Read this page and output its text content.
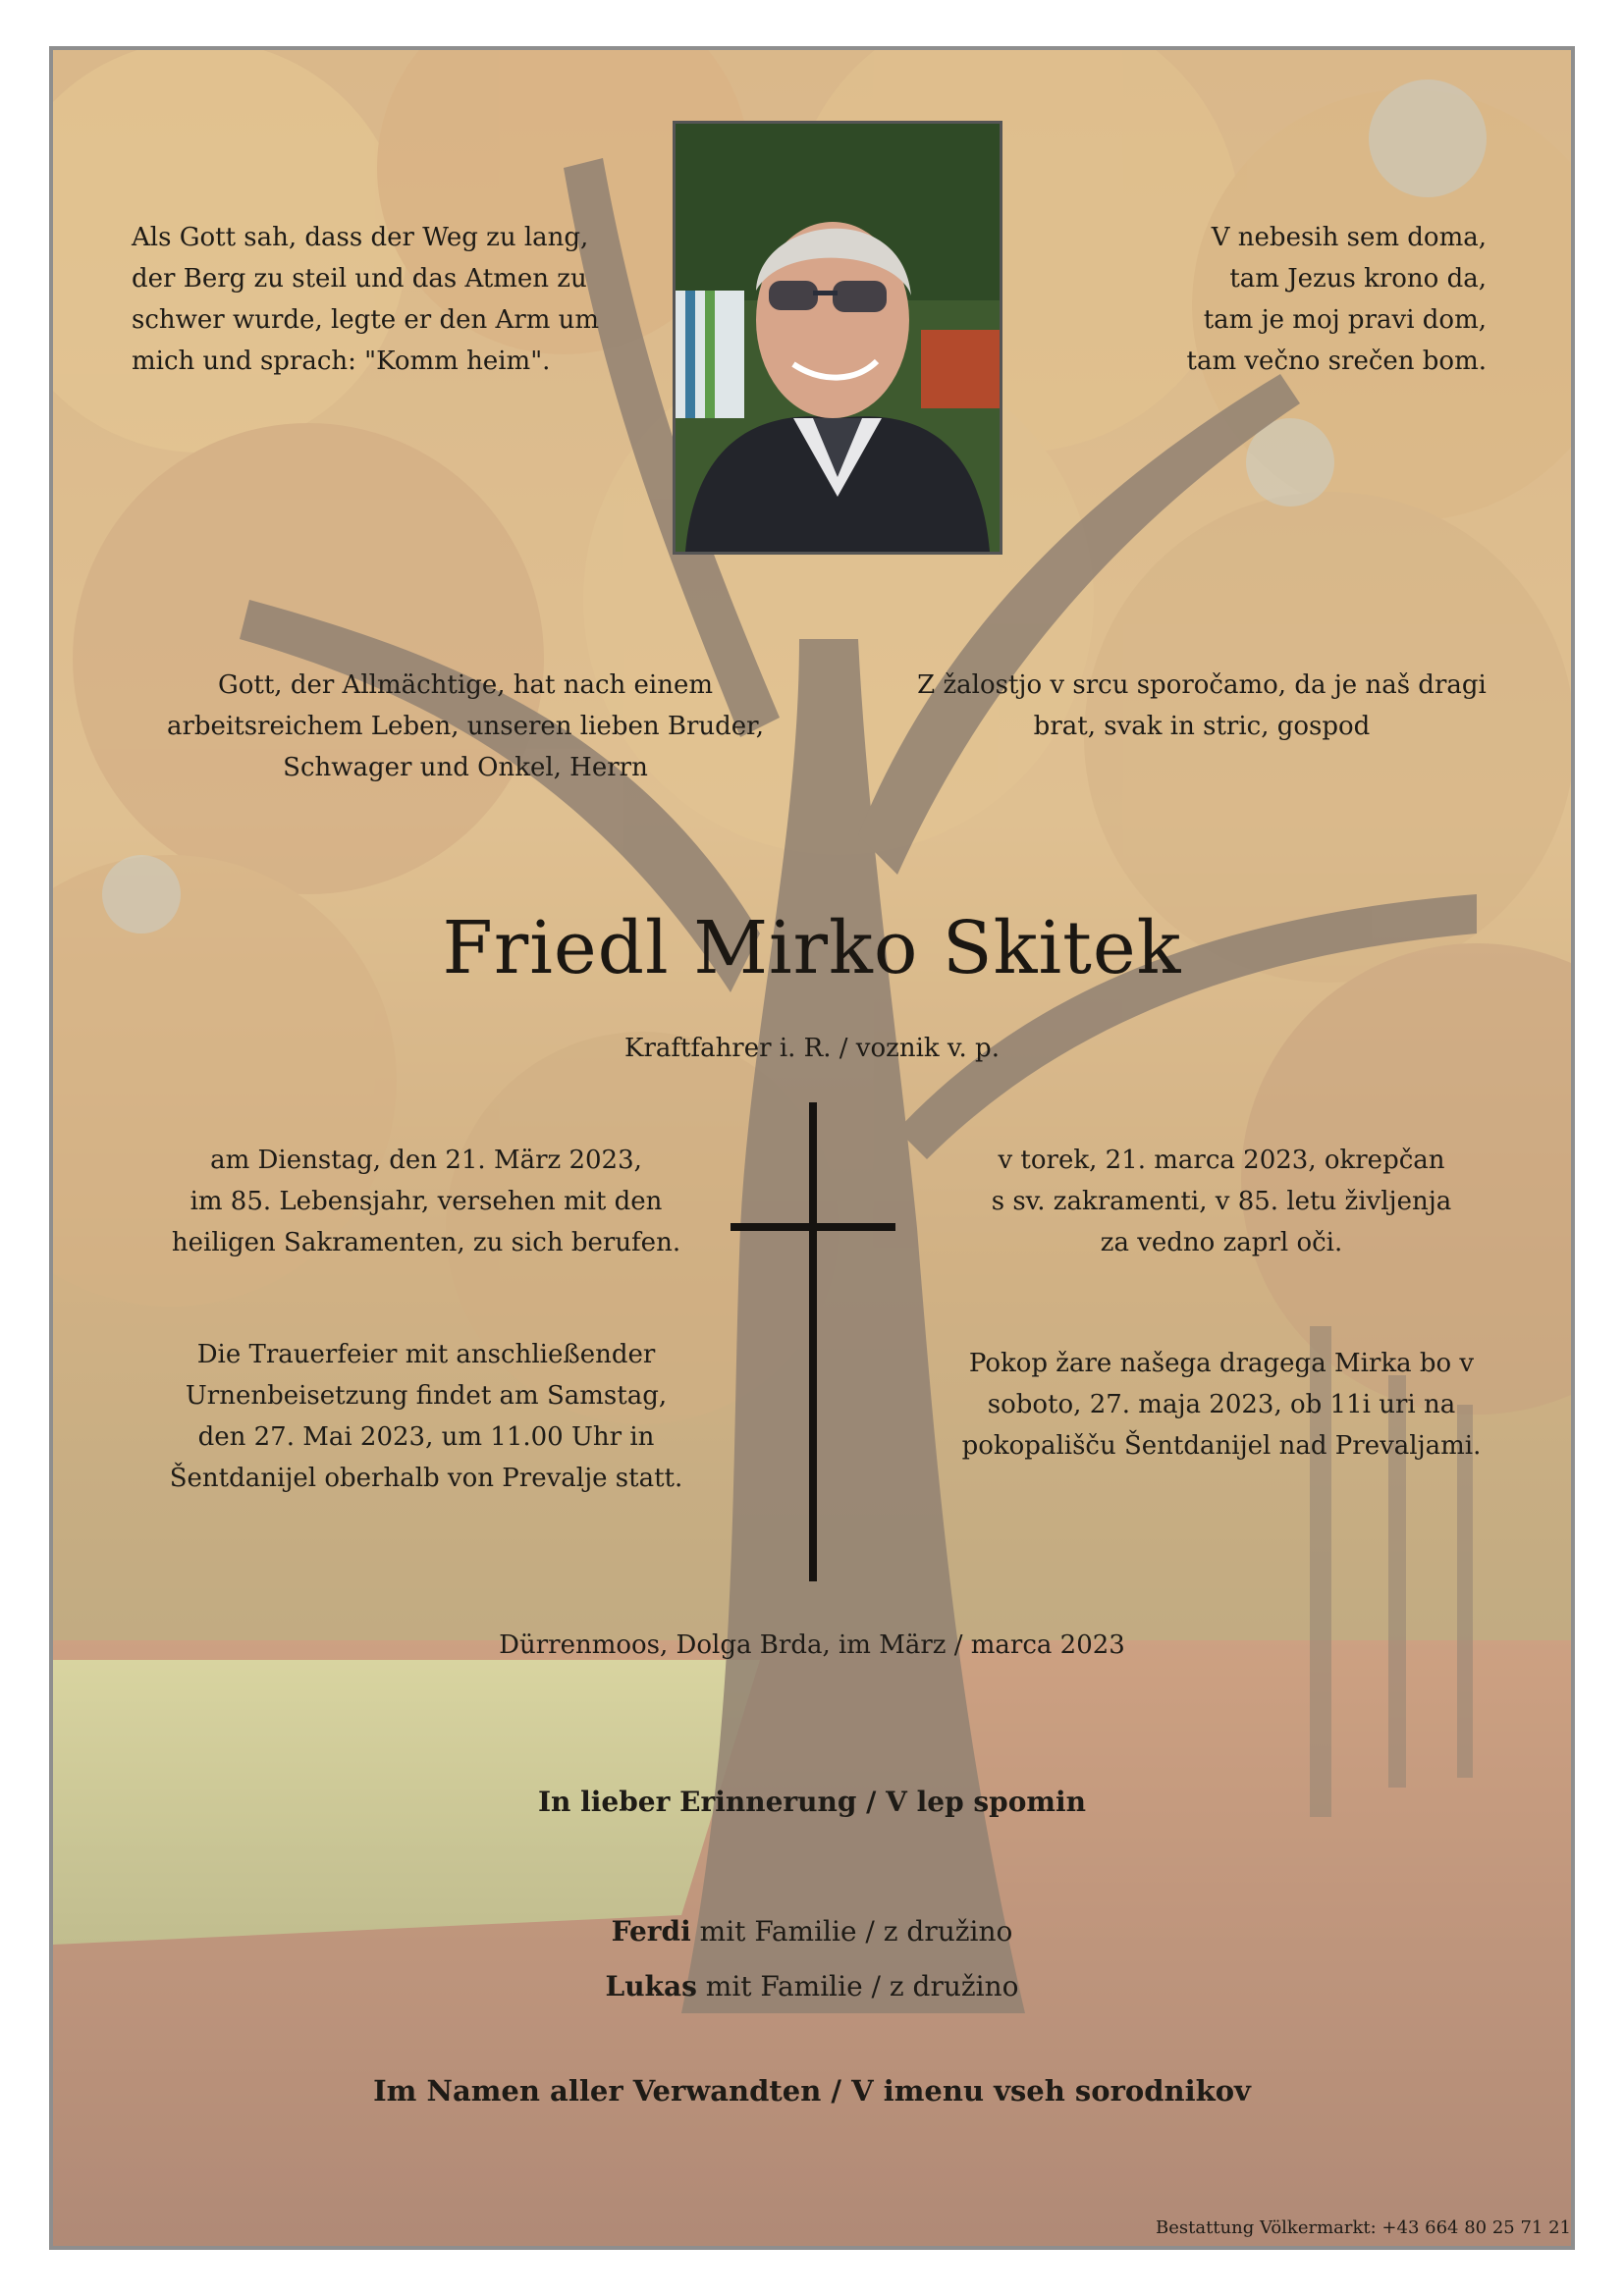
Als Gott sah, dass der Weg zu lang,
der Berg zu steil und das Atmen zu
schwer wurde, legte er den Arm um
mich und sprach: "Komm heim".
V nebesih sem doma,
tam Jezus krono da,
tam je moj pravi dom,
tam večno srečen bom.
Gott, der Allmächtige, hat nach einem
arbeitsreichem Leben, unseren lieben Bruder,
Schwager und Onkel, Herrn
Z žalostjo v srcu sporočamo, da je naš dragi
brat, svak in stric, gospod
Friedl Mirko Skitek
Kraftfahrer i. R. / voznik v. p.
am Dienstag, den 21. März 2023,
im 85. Lebensjahr, versehen mit den
heiligen Sakramenten, zu sich berufen.
v torek, 21. marca 2023, okrepčan
s sv. zakramenti, v 85. letu življenja
za vedno zaprl oči.
Die Trauerfeier mit anschließender
Urnenbeisetzung findet am Samstag,
den 27. Mai 2023, um 11.00 Uhr in
Šentdanijel oberhalb von Prevalje statt.
Pokop žare našega dragega Mirka bo v
soboto, 27. maja 2023, ob 11i uri na
pokopališču Šentdanijel nad Prevaljami.
Dürrenmoos, Dolga Brda, im März / marca 2023
In lieber Erinnerung / V lep spomin
Ferdi mit Familie / z družino
Lukas mit Familie / z družino
Im Namen aller Verwandten / V imenu vseh sorodnikov
Bestattung Völkermarkt: +43 664 80 25 71 21
